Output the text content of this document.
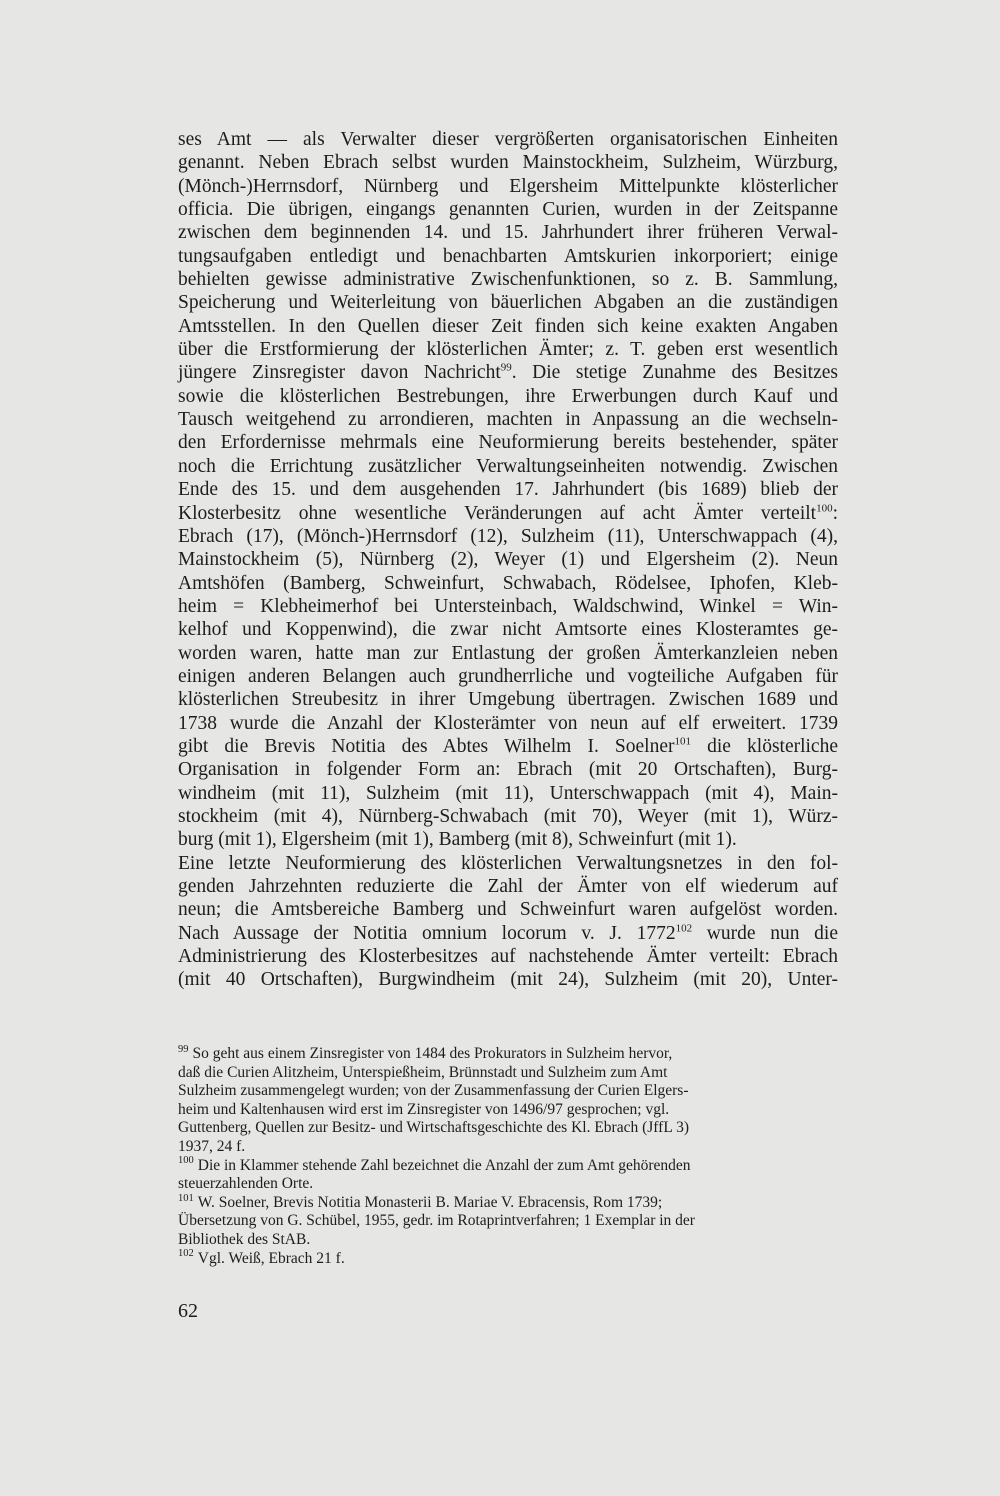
ses Amt — als Verwalter dieser vergrößerten organisatorischen Einheiten

genannt. Neben Ebrach selbst wurden Mainstockheim, Sulzheim, Würzburg,

(Mönch-)Herrnsdorf, Nürnberg und Elgersheim Mittelpunkte klösterlicher

officia. Die übrigen, eingangs genannten Curien, wurden in der Zeitspanne

zwischen dem beginnenden 14. und 15. Jahrhundert ihrer früheren Verwal-

tungsaufgaben entledigt und benachbarten Amtskurien inkorporiert; einige

behielten gewisse administrative Zwischenfunktionen, so z. B. Sammlung,

Speicherung und Weiterleitung von bäuerlichen Abgaben an die zuständigen

Amtsstellen. In den Quellen dieser Zeit finden sich keine exakten Angaben

über die Erstformierung der klösterlichen Ämter; z. T. geben erst wesentlich

jüngere Zinsregister davon Nachricht$^{99}$. Die stetige Zunahme des Besitzes

sowie die klösterlichen Bestrebungen, ihre Erwerbungen durch Kauf und

Tausch weitgehend zu arrondieren, machten in Anpassung an die wechseln-

den Erfordernisse mehrmals eine Neuformierung bereits bestehender, später

noch die Errichtung zusätzlicher Verwaltungseinheiten notwendig. Zwischen

Ende des 15. und dem ausgehenden 17. Jahrhundert (bis 1689) blieb der

Klosterbesitz ohne wesentliche Veränderungen auf acht Ämter verteilt$^{100}$:

Ebrach (17), (Mönch-)Herrnsdorf (12), Sulzheim (11), Unterschwappach (4),

Mainstockheim (5), Nürnberg (2), Weyer (1) und Elgersheim (2). Neun

Amtshöfen (Bamberg, Schweinfurt, Schwabach, Rödelsee, Iphofen, Kleb-

heim = Klebheimerhof bei Untersteinbach, Waldschwind, Winkel = Win-

kelhof und Koppenwind), die zwar nicht Amtsorte eines Klosteramtes ge-

worden waren, hatte man zur Entlastung der großen Ämterkanzleien neben

einigen anderen Belangen auch grundherrliche und vogteiliche Aufgaben für

klösterlichen Streubesitz in ihrer Umgebung übertragen. Zwischen 1689 und

1738 wurde die Anzahl der Klosterämter von neun auf elf erweitert. 1739

gibt die Brevis Notitia des Abtes Wilhelm I. Soelner$^{101}$ die klösterliche

Organisation in folgender Form an: Ebrach (mit 20 Ortschaften), Burg-

windheim (mit 11), Sulzheim (mit 11), Unterschwappach (mit 4), Main-

stockheim (mit 4), Nürnberg-Schwabach (mit 70), Weyer (mit 1), Würz-

burg (mit 1), Elgersheim (mit 1), Bamberg (mit 8), Schweinfurt (mit 1).

Eine letzte Neuformierung des klösterlichen Verwaltungsnetzes in den fol-

genden Jahrzehnten reduzierte die Zahl der Ämter von elf wiederum auf

neun; die Amtsbereiche Bamberg und Schweinfurt waren aufgelöst worden.

Nach Aussage der Notitia omnium locorum v. J. 1772$^{102}$ wurde nun die

Administrierung des Klosterbesitzes auf nachstehende Ämter verteilt: Ebrach

(mit 40 Ortschaften), Burgwindheim (mit 24), Sulzheim (mit 20), Unter-

$^{99}$ So geht aus einem Zinsregister von 1484 des Prokurators in Sulzheim hervor,
daß die Curien Alitzheim, Unterspießheim, Brünnstadt und Sulzheim zum Amt
Sulzheim zusammengelegt wurden; von der Zusammenfassung der Curien Elgers-
heim und Kaltenhausen wird erst im Zinsregister von 1496/97 gesprochen; vgl.
Guttenberg, Quellen zur Besitz- und Wirtschaftsgeschichte des Kl. Ebrach (JffL 3)
1937, 24 f.
$^{100}$ Die in Klammer stehende Zahl bezeichnet die Anzahl der zum Amt gehörenden
steuerzahlenden Orte.
$^{101}$ W. Soelner, Brevis Notitia Monasterii B. Mariae V. Ebracensis, Rom 1739;
Übersetzung von G. Schübel, 1955, gedr. im Rotaprintverfahren; 1 Exemplar in der
Bibliothek des StAB.
$^{102}$ Vgl. Weiß, Ebrach 21 f.
62
